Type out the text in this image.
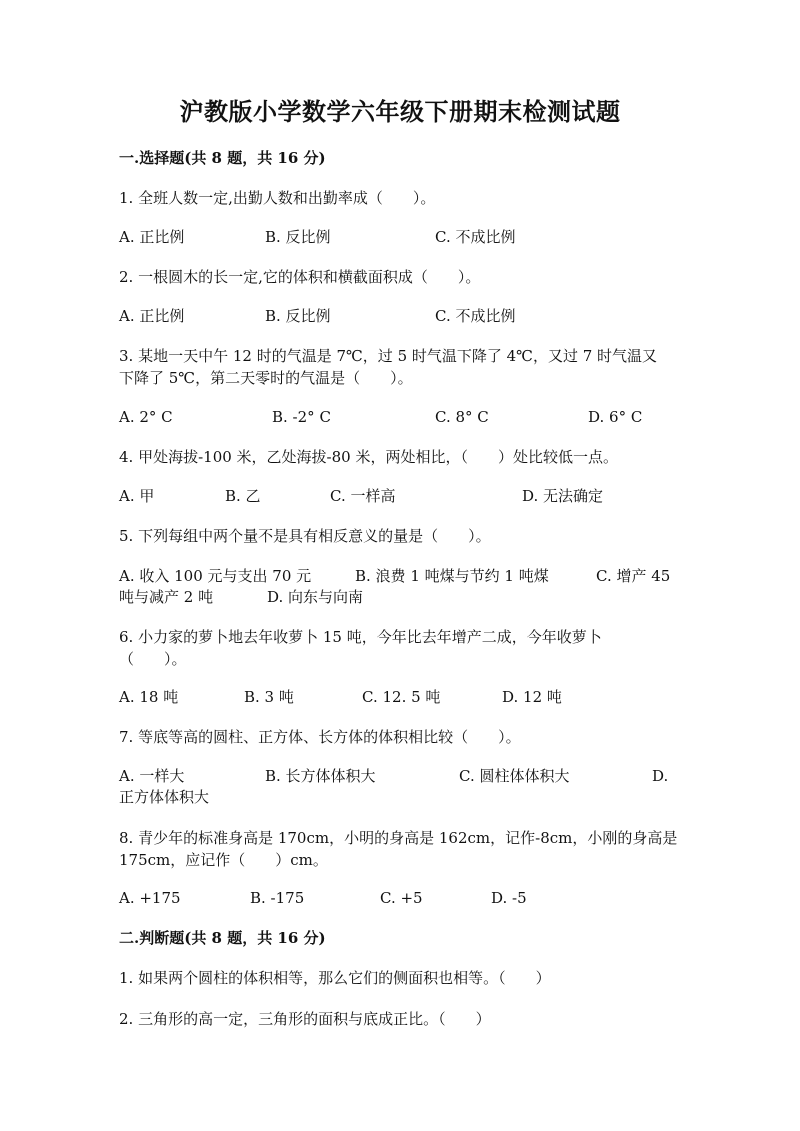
沪教版小学数学六年级下册期末检测试题
一.选择题(共 8 题，共 16 分)
1. 全班人数一定,出勤人数和出勤率成（　　）。
A. 正比例	B. 反比例	C. 不成比例
2. 一根圆木的长一定,它的体积和横截面积成（　　）。
A. 正比例	B. 反比例	C. 不成比例
3. 某地一天中午 12 时的气温是 7℃，过 5 时气温下降了 4℃，又过 7 时气温又
下降了 5℃，第二天零时的气温是（　　）。
A. 2° C	B. -2° C	C. 8° C	D. 6° C
4. 甲处海拔-100 米，乙处海拔-80 米，两处相比，（　　）处比较低一点。
A. 甲	B. 乙	C. 一样高	D. 无法确定
5. 下列每组中两个量不是具有相反意义的量是（　　）。
A. 收入 100 元与支出 70 元	B. 浪费 1 吨煤与节约 1 吨煤	C. 增产 45
吨与减产 2 吨	D. 向东与向南
6. 小力家的萝卜地去年收萝卜 15 吨，今年比去年增产二成，今年收萝卜
（　　）。
A. 18 吨	B. 3 吨	C. 12. 5 吨	D. 12 吨
7. 等底等高的圆柱、正方体、长方体的体积相比较（　　）。
A. 一样大	B. 长方体体积大	C. 圆柱体体积大	D.
正方体体积大
8. 青少年的标准身高是 170cm，小明的身高是 162cm，记作-8cm，小刚的身高是
175cm，应记作（　　）cm。
A. +175	B. -175	C. +5	D. -5
二.判断题(共 8 题，共 16 分)
1. 如果两个圆柱的体积相等，那么它们的侧面积也相等。（　　）
2. 三角形的高一定，三角形的面积与底成正比。（　　）
